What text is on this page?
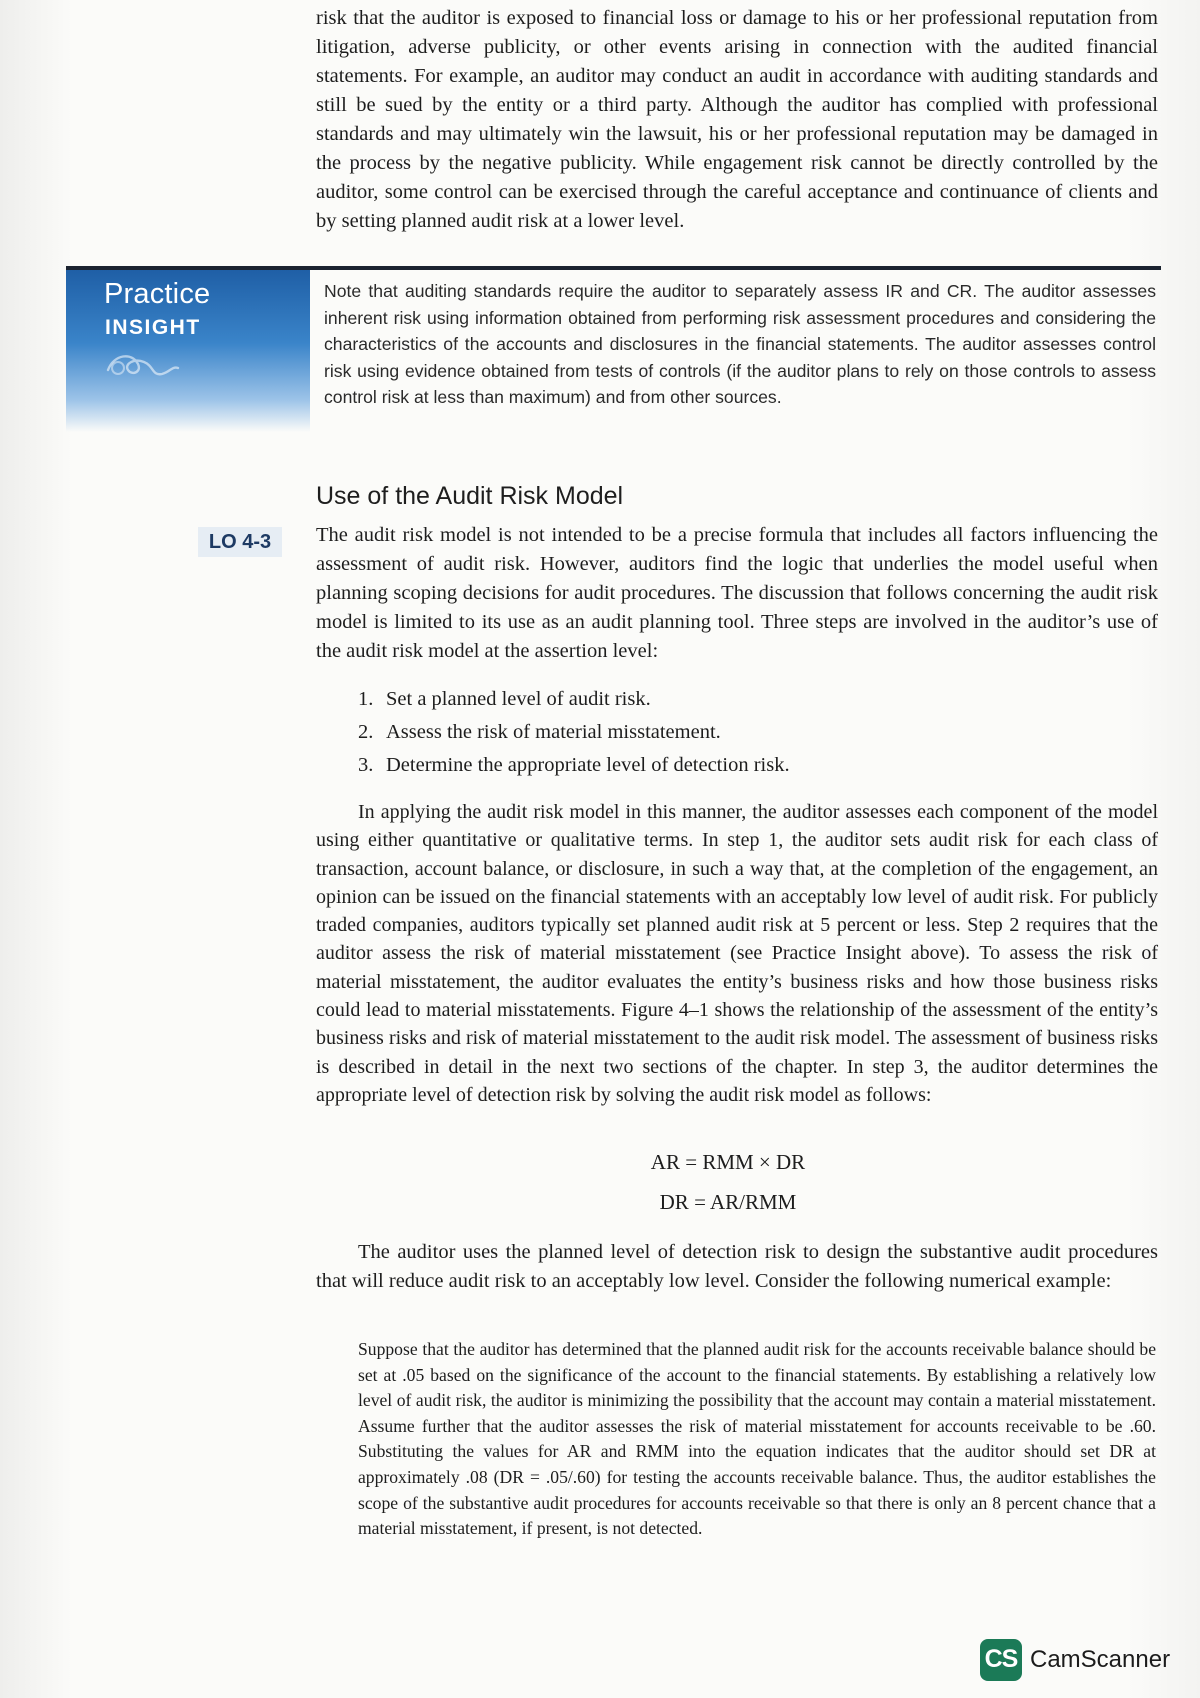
risk that the auditor is exposed to financial loss or damage to his or her professional reputation from litigation, adverse publicity, or other events arising in connection with the audited financial statements. For example, an auditor may conduct an audit in accordance with auditing standards and still be sued by the entity or a third party. Although the auditor has complied with professional standards and may ultimately win the lawsuit, his or her professional reputation may be damaged in the process by the negative publicity. While engagement risk cannot be directly controlled by the auditor, some control can be exercised through the careful acceptance and continuance of clients and by setting planned audit risk at a lower level.

Practice
INSIGHT

Note that auditing standards require the auditor to separately assess IR and CR. The auditor assesses inherent risk using information obtained from performing risk assessment procedures and considering the characteristics of the accounts and disclosures in the financial statements. The auditor assesses control risk using evidence obtained from tests of controls (if the auditor plans to rely on those controls to assess control risk at less than maximum) and from other sources.

Use of the Audit Risk Model
LO 4-3	The audit risk model is not intended to be a precise formula that includes all factors influencing the assessment of audit risk. However, auditors find the logic that underlies the model useful when planning scoping decisions for audit procedures. The discussion that follows concerning the audit risk model is limited to its use as an audit planning tool. Three steps are involved in the auditor’s use of the audit risk model at the assertion level:

1. Set a planned level of audit risk.
2. Assess the risk of material misstatement.
3. Determine the appropriate level of detection risk.

In applying the audit risk model in this manner, the auditor assesses each component of the model using either quantitative or qualitative terms. In step 1, the auditor sets audit risk for each class of transaction, account balance, or disclosure, in such a way that, at the completion of the engagement, an opinion can be issued on the financial statements with an acceptably low level of audit risk. For publicly traded companies, auditors typically set planned audit risk at 5 percent or less. Step 2 requires that the auditor assess the risk of material misstatement (see Practice Insight above). To assess the risk of material misstatement, the auditor evaluates the entity’s business risks and how those business risks could lead to material misstatements. Figure 4–1 shows the relationship of the assessment of the entity’s business risks and risk of material misstatement to the audit risk model. The assessment of business risks is described in detail in the next two sections of the chapter. In step 3, the auditor determines the appropriate level of detection risk by solving the audit risk model as follows:

AR = RMM × DR
DR = AR/RMM

The auditor uses the planned level of detection risk to design the substantive audit procedures that will reduce audit risk to an acceptably low level. Consider the following numerical example:

Suppose that the auditor has determined that the planned audit risk for the accounts receivable balance should be set at .05 based on the significance of the account to the financial statements. By establishing a relatively low level of audit risk, the auditor is minimizing the possibility that the account may contain a material misstatement. Assume further that the auditor assesses the risk of material misstatement for accounts receivable to be .60. Substituting the values for AR and RMM into the equation indicates that the auditor should set DR at approximately .08 (DR = .05/.60) for testing the accounts receivable balance. Thus, the auditor establishes the scope of the substantive audit procedures for accounts receivable so that there is only an 8 percent chance that a material misstatement, if present, is not detected.

CS CamScanner
